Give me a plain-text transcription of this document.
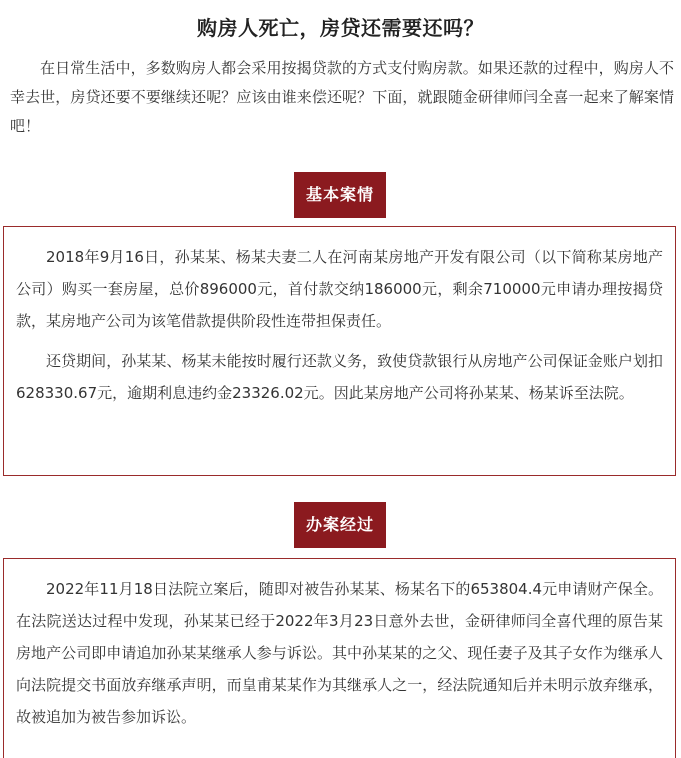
购房人死亡，房贷还需要还吗？

在日常生活中，多数购房人都会采用按揭贷款的方式支付购房款。如果还款的过程中，购房人不幸去世，房贷还要不要继续还呢？应该由谁来偿还呢？下面，就跟随金研律师闫全喜一起来了解案情吧！

基本案情

2018年9月16日，孙某某、杨某夫妻二人在河南某房地产开发有限公司（以下简称某房地产公司）购买一套房屋，总价896000元，首付款交纳186000元，剩余710000元申请办理按揭贷款，某房地产公司为该笔借款提供阶段性连带担保责任。

还贷期间，孙某某、杨某未能按时履行还款义务，致使贷款银行从房地产公司保证金账户划扣628330.67元，逾期利息违约金23326.02元。因此某房地产公司将孙某某、杨某诉至法院。

办案经过

2022年11月18日法院立案后，随即对被告孙某某、杨某名下的653804.4元申请财产保全。在法院送达过程中发现，孙某某已经于2022年3月23日意外去世，金研律师闫全喜代理的原告某房地产公司即申请追加孙某某继承人参与诉讼。其中孙某某的之父、现任妻子及其子女作为继承人向法院提交书面放弃继承声明，而皇甫某某作为其继承人之一，经法院通知后并未明示放弃继承，故被追加为被告参加诉讼。
